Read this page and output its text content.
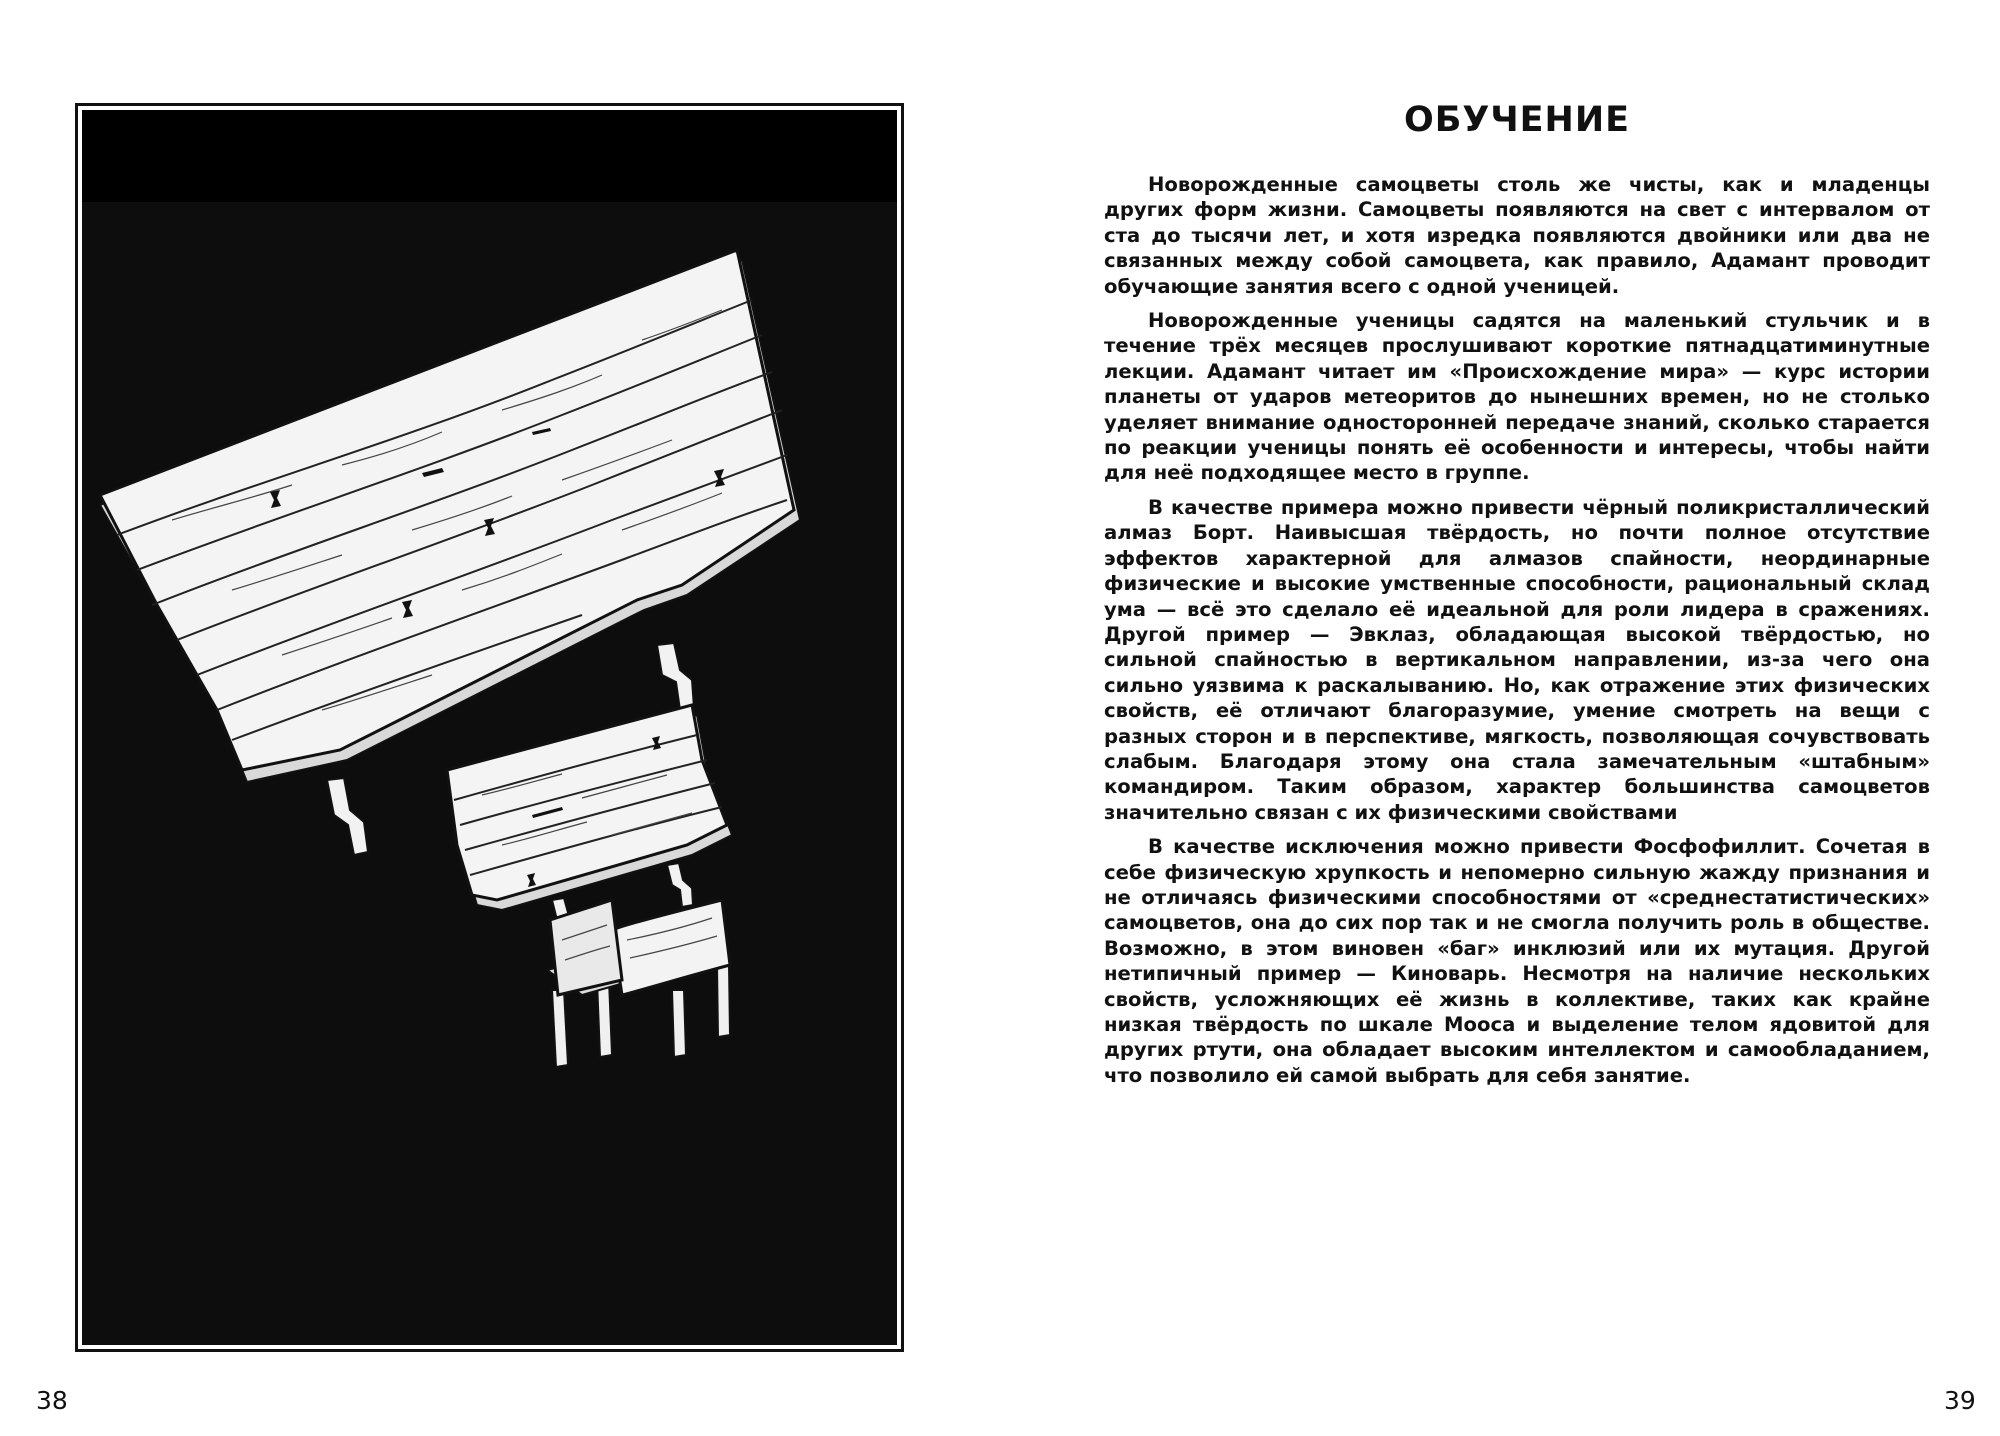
38
ОБУЧЕНИЕ

Новорожденные самоцветы столь же чисты, как и младенцы других форм жизни. Самоцветы появляются на свет с интервалом от ста до тысячи лет, и хотя изредка появляются двойники или два не связанных между собой самоцвета, как правило, Адамант проводит обучающие занятия всего с одной ученицей.

Новорожденные ученицы садятся на маленький стульчик и в течение трёх месяцев прослушивают короткие пятнадцатиминутные лекции. Адамант читает им «Происхождение мира» — курс истории планеты от ударов метеоритов до нынешних времен, но не столько уделяет внимание односторонней передаче знаний, сколько старается по реакции ученицы понять её особенности и интересы, чтобы найти для неё подходящее место в группе.

В качестве примера можно привести чёрный поликристаллический алмаз Борт. Наивысшая твёрдость, но почти полное отсутствие эффектов характерной для алмазов спайности, неординарные физические и высокие умственные способности, рациональный склад ума — всё это сделало её идеальной для роли лидера в сражениях. Другой пример — Эвклаз, обладающая высокой твёрдостью, но сильной спайностью в вертикальном направлении, из-за чего она сильно уязвима к раскалыванию. Но, как отражение этих физических свойств, её отличают благоразумие, умение смотреть на вещи с разных сторон и в перспективе, мягкость, позволяющая сочувствовать слабым. Благодаря этому она стала замечательным «штабным» командиром. Таким образом, характер большинства самоцветов значительно связан с их физическими свойствами

В качестве исключения можно привести Фосфофиллит. Сочетая в себе физическую хрупкость и непомерно сильную жажду признания и не отличаясь физическими способностями от «среднестатистических» самоцветов, она до сих пор так и не смогла получить роль в обществе. Возможно, в этом виновен «баг» инклюзий или их мутация. Другой нетипичный пример — Киноварь. Несмотря на наличие нескольких свойств, усложняющих её жизнь в коллективе, таких как крайне низкая твёрдость по шкале Мооса и выделение телом ядовитой для других ртути, она обладает высоким интеллектом и самообладанием, что позволило ей самой выбрать для себя занятие.

39
